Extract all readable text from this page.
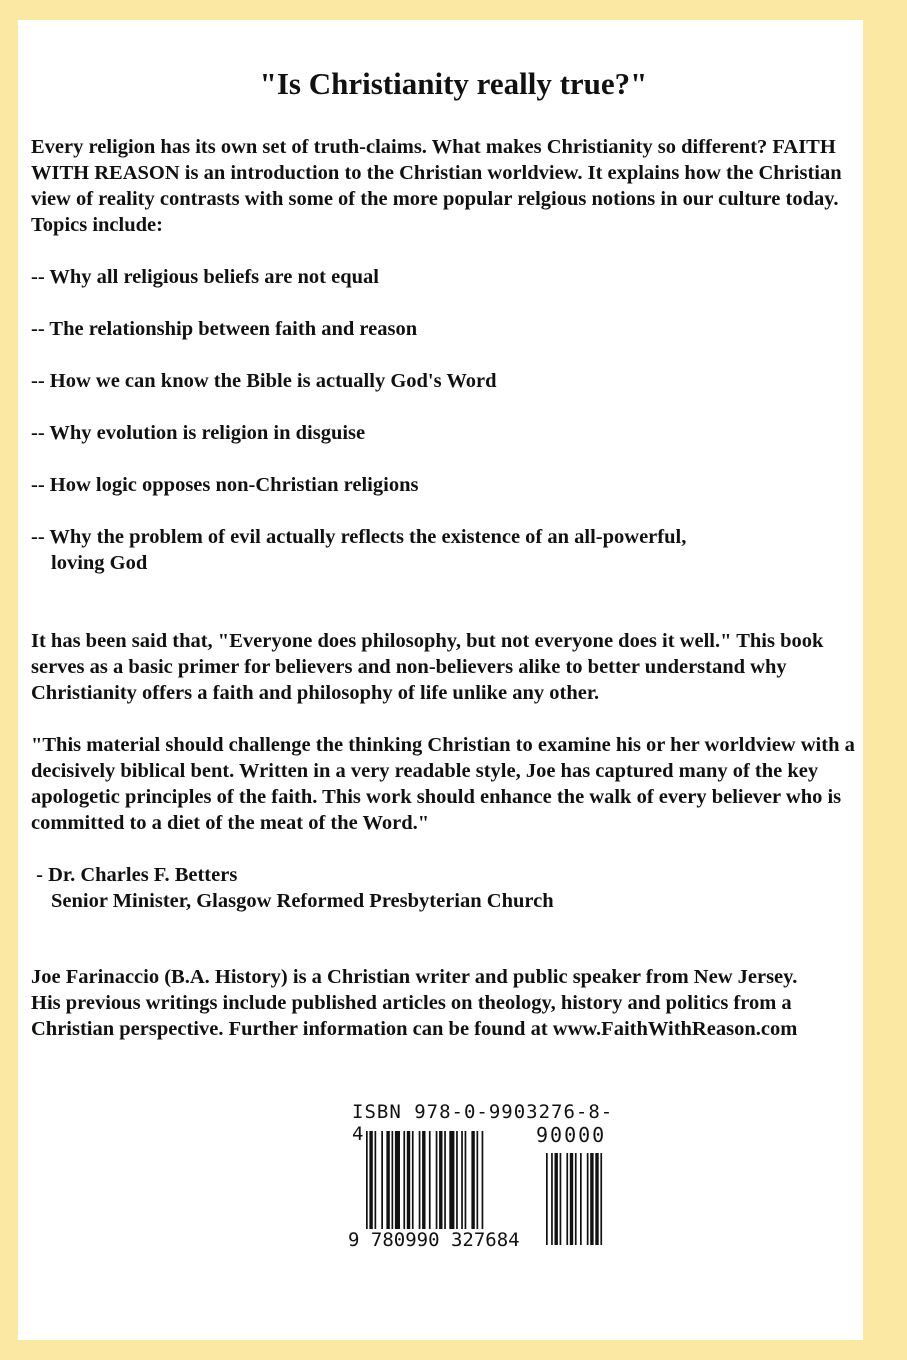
"Is Christianity really true?"

Every religion has its own set of truth-claims. What makes Christianity so different? FAITH WITH REASON is an introduction to the Christian worldview. It explains how the Christian view of reality contrasts with some of the more popular relgious notions in our culture today. Topics include:

-- Why all religious beliefs are not equal

-- The relationship between faith and reason

-- How we can know the Bible is actually God's Word

-- Why evolution is religion in disguise

-- How logic opposes non-Christian religions

-- Why the problem of evil actually reflects the existence of an all-powerful,

loving God

It has been said that, "Everyone does philosophy, but not everyone does it well." This book serves as a basic primer for believers and non-believers alike to better understand why Christianity offers a faith and philosophy of life unlike any other.

"This material should challenge the thinking Christian to examine his or her worldview with a decisively biblical bent. Written in a very readable style, Joe has captured many of the key apologetic principles of the faith. This work should enhance the walk of every believer who is committed to a diet of the meat of the Word."

- Dr. Charles F. Betters

Senior Minister, Glasgow Reformed Presbyterian Church

Joe Farinaccio (B.A. History) is a Christian writer and public speaker from New Jersey. His previous writings include published articles on theology, history and politics from a Christian perspective. Further information can be found at www.FaithWithReason.com

ISBN 978-0-9903276-8-4	90000
9 780990 327684
